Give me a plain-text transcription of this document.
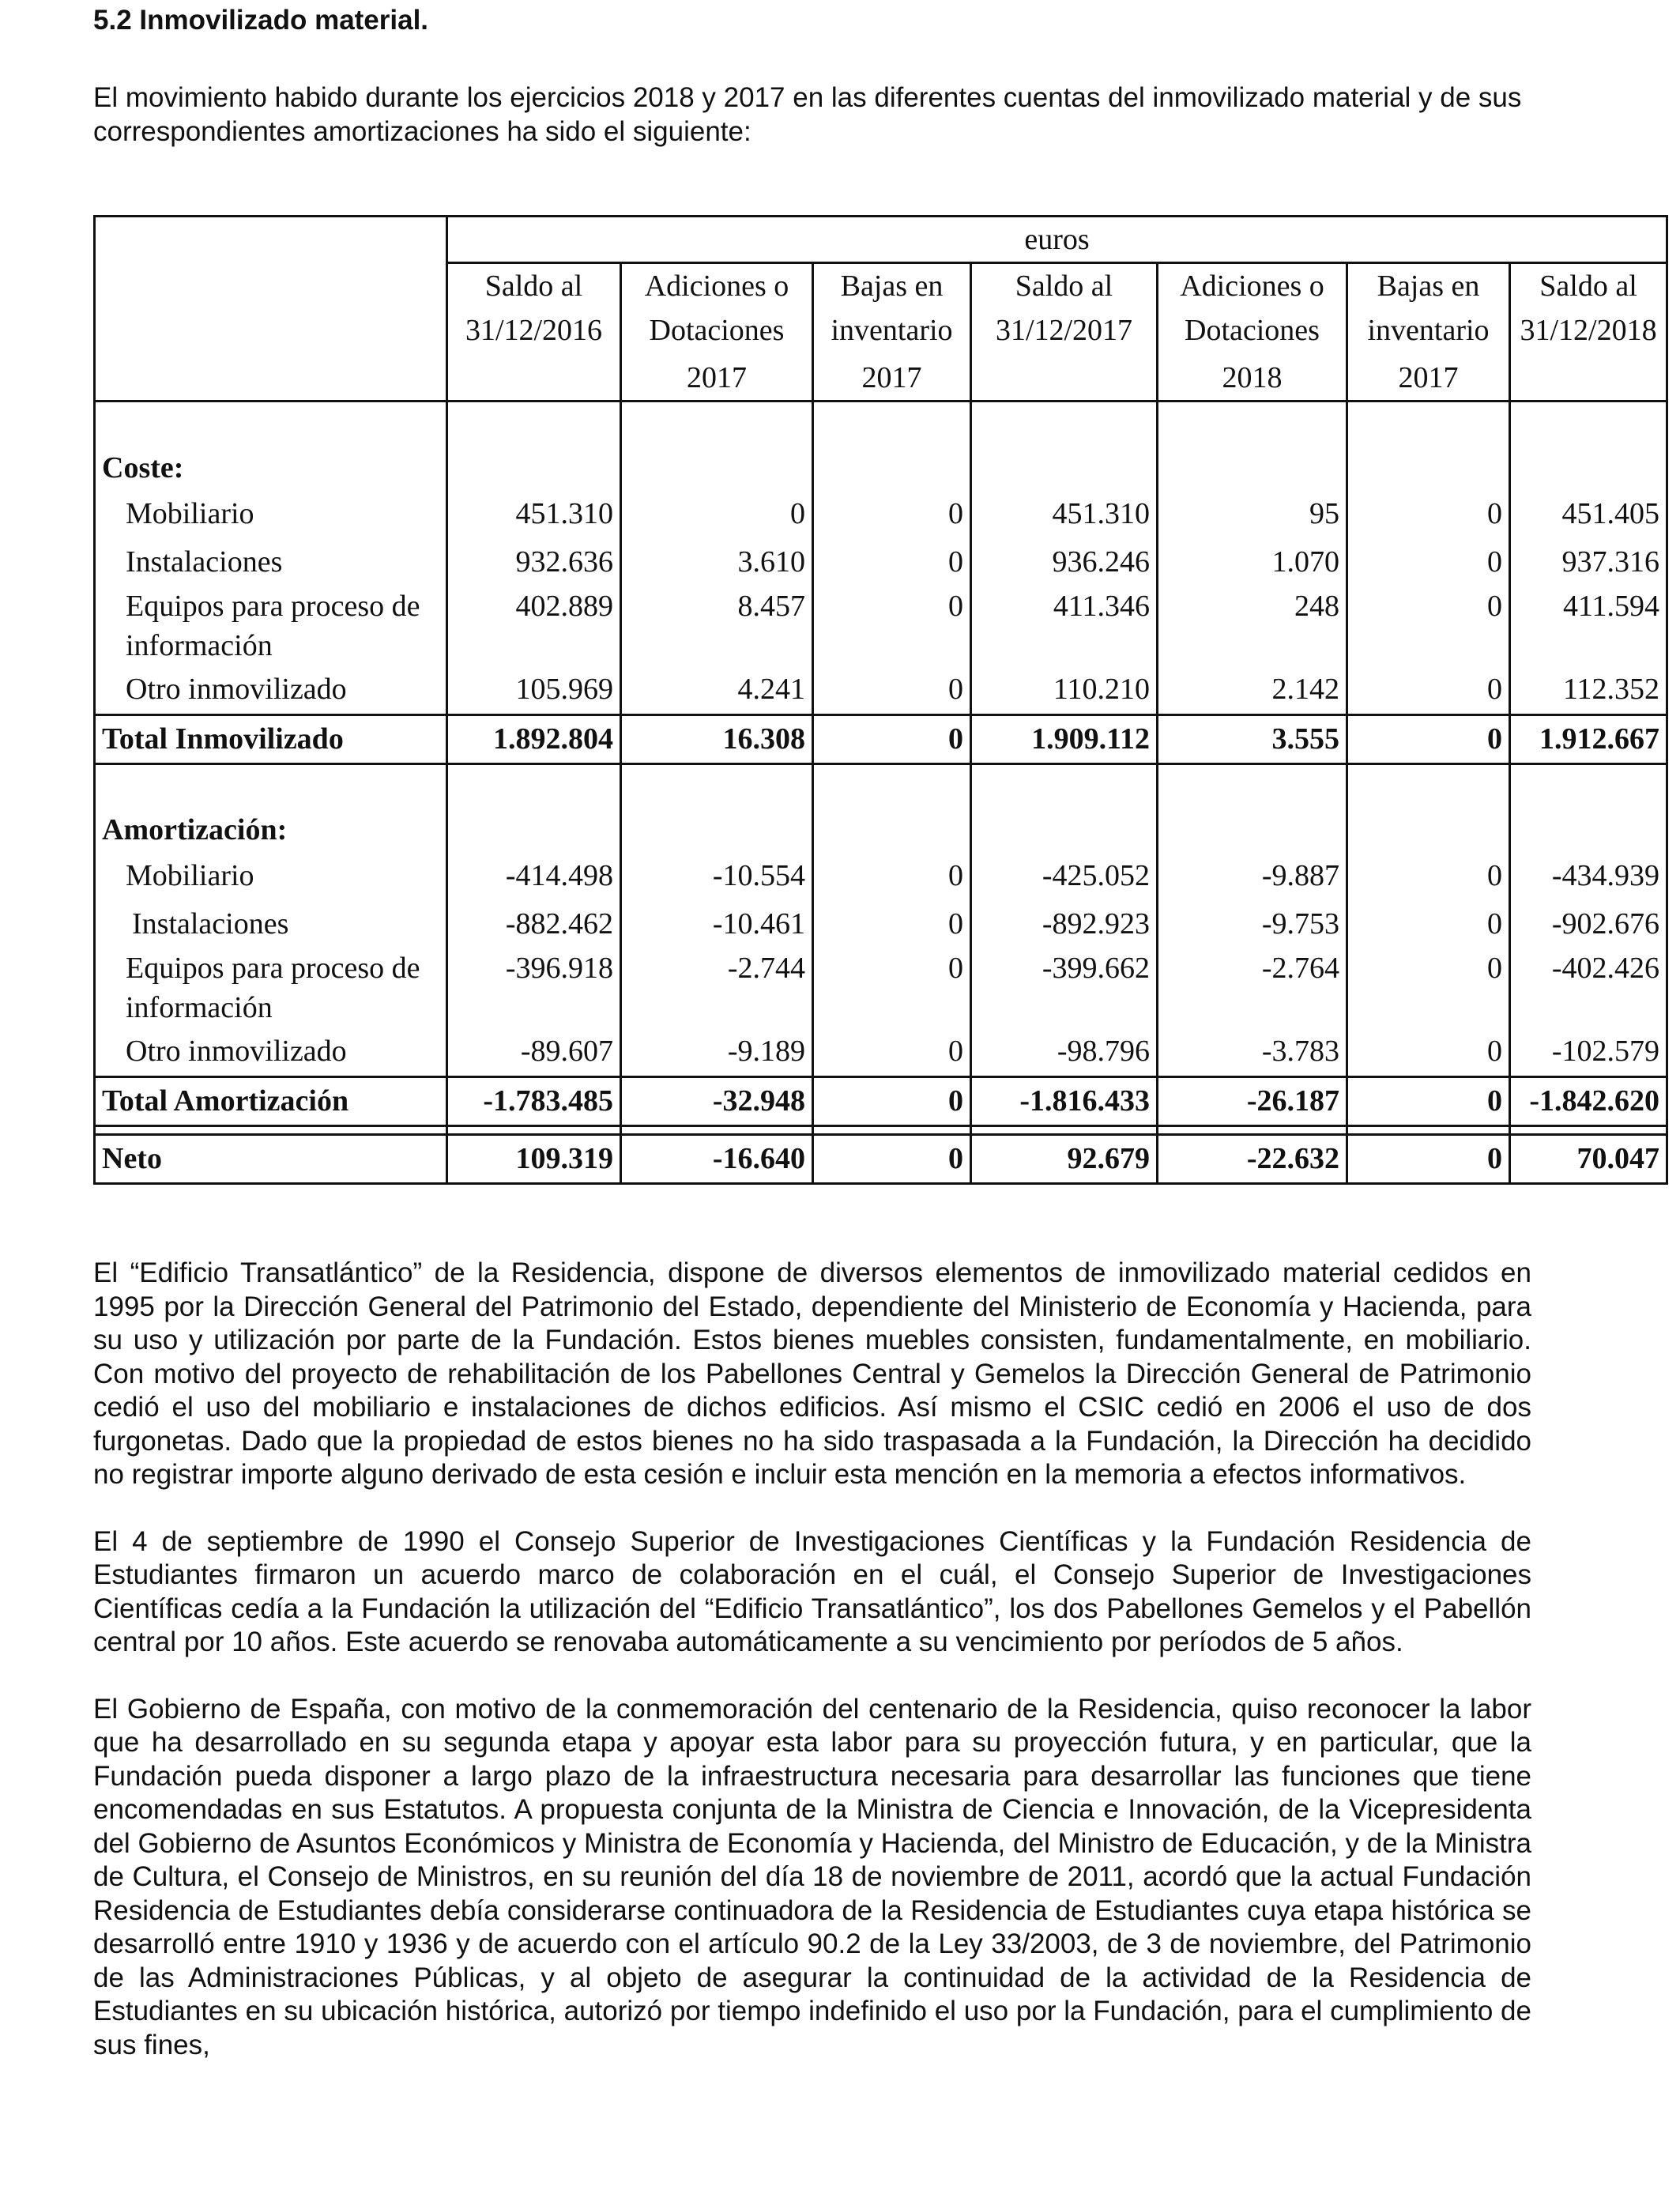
5.2 Inmovilizado material.
El movimiento habido durante los ejercicios 2018 y 2017 en las diferentes cuentas del inmovilizado material y de sus correspondientes amortizaciones ha sido el siguiente:
	euros						
	Saldo al	Adiciones o	Bajas en	Saldo al	Adiciones o	Bajas en	Saldo al
	31/12/2016	Dotaciones	inventario	31/12/2017	Dotaciones	inventario	31/12/2018
		2017	2017		2018	2017	
Coste:							
Mobiliario	451.310	0	0	451.310	95	0	451.405
Instalaciones	932.636	3.610	0	936.246	1.070	0	937.316
Equipos para proceso de información	402.889	8.457	0	411.346	248	0	411.594
Otro inmovilizado	105.969	4.241	0	110.210	2.142	0	112.352
Total Inmovilizado	1.892.804	16.308	0	1.909.112	3.555	0	1.912.667
Amortización:							
Mobiliario	-414.498	-10.554	0	-425.052	-9.887	0	-434.939
Instalaciones	-882.462	-10.461	0	-892.923	-9.753	0	-902.676
Equipos para proceso de información	-396.918	-2.744	0	-399.662	-2.764	0	-402.426
Otro inmovilizado	-89.607	-9.189	0	-98.796	-3.783	0	-102.579
Total Amortización	-1.783.485	-32.948	0	-1.816.433	-26.187	0	-1.842.620

Neto	109.319	-16.640	0	92.679	-22.632	0	70.047

El “Edificio Transatlántico” de la Residencia, dispone de diversos elementos de inmovilizado material cedidos en 1995 por la Dirección General del Patrimonio del Estado, dependiente del Ministerio de Economía y Hacienda, para su uso y utilización por parte de la Fundación. Estos bienes muebles consisten, fundamentalmente, en mobiliario. Con motivo del proyecto de rehabilitación de los Pabellones Central y Gemelos la Dirección General de Patrimonio cedió el uso del mobiliario e instalaciones de dichos edificios. Así mismo el CSIC cedió en 2006 el uso de dos furgonetas. Dado que la propiedad de estos bienes no ha sido traspasada a la Fundación, la Dirección ha decidido no registrar importe alguno derivado de esta cesión e incluir esta mención en la memoria a efectos informativos.

El 4 de septiembre de 1990 el Consejo Superior de Investigaciones Científicas y la Fundación Residencia de Estudiantes firmaron un acuerdo marco de colaboración en el cuál, el Consejo Superior de Investigaciones Científicas cedía a la Fundación la utilización del “Edificio Transatlántico”, los dos Pabellones Gemelos y el Pabellón central por 10 años. Este acuerdo se renovaba automáticamente a su vencimiento por períodos de 5 años.

El Gobierno de España, con motivo de la conmemoración del centenario de la Residencia, quiso reconocer la labor que ha desarrollado en su segunda etapa y apoyar esta labor para su proyección futura, y en particular, que la Fundación pueda disponer a largo plazo de la infraestructura necesaria para desarrollar las funciones que tiene encomendadas en sus Estatutos. A propuesta conjunta de la Ministra de Ciencia e Innovación, de la Vicepresidenta del Gobierno de Asuntos Económicos y Ministra de Economía y Hacienda, del Ministro de Educación, y de la Ministra de Cultura, el Consejo de Ministros, en su reunión del día 18 de noviembre de 2011, acordó que la actual Fundación Residencia de Estudiantes debía considerarse continuadora de la Residencia de Estudiantes cuya etapa histórica se desarrolló entre 1910 y 1936 y de acuerdo con el artículo 90.2 de la Ley 33/2003, de 3 de noviembre, del Patrimonio de las Administraciones Públicas, y al objeto de asegurar la continuidad de la actividad de la Residencia de Estudiantes en su ubicación histórica, autorizó por tiempo indefinido el uso por la Fundación, para el cumplimiento de sus fines,
